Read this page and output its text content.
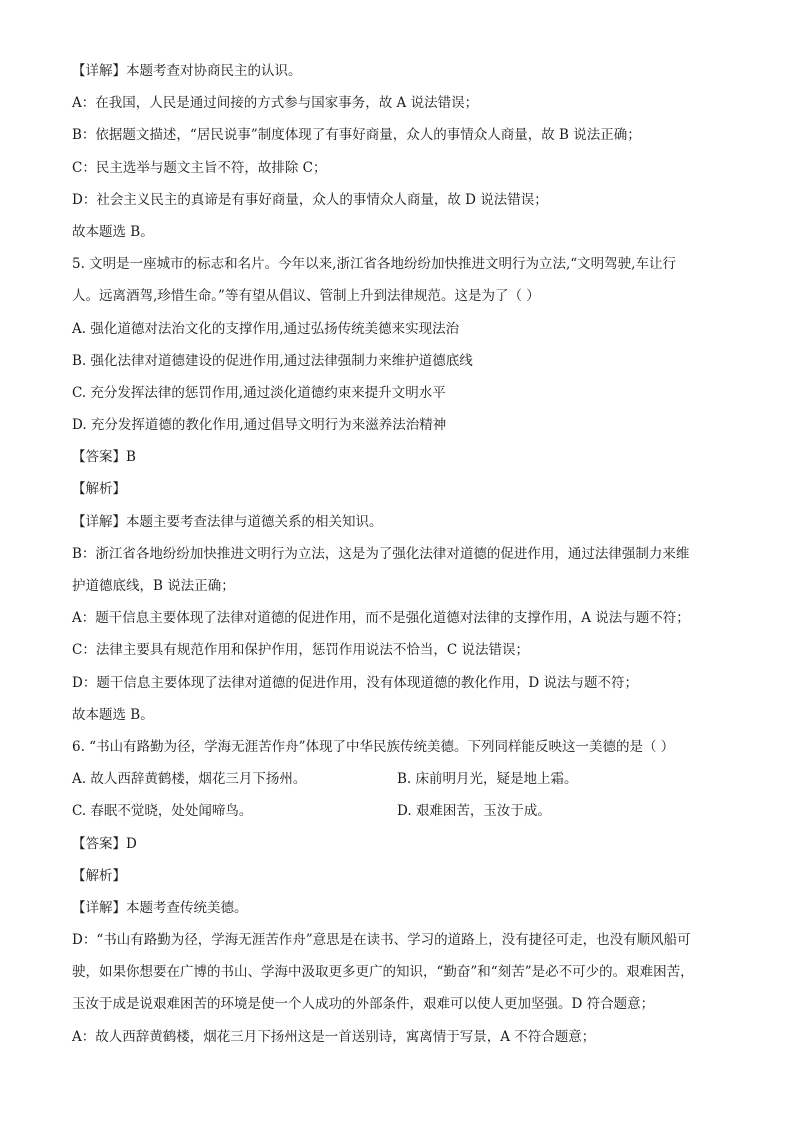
【详解】本题考查对协商民主的认识。
A：在我国，人民是通过间接的方式参与国家事务，故 A 说法错误；
B：依据题文描述，“居民说事”制度体现了有事好商量，众人的事情众人商量，故 B 说法正确；
C：民主选举与题文主旨不符，故排除 C；
D：社会主义民主的真谛是有事好商量，众人的事情众人商量，故 D 说法错误；
故本题选 B。
5. 文明是一座城市的标志和名片。今年以来,浙江省各地纷纷加快推进文明行为立法,“文明驾驶,车让行
人。远离酒驾,珍惜生命。”等有望从倡议、管制上升到法律规范。这是为了（ ）
A. 强化道德对法治文化的支撑作用,通过弘扬传统美德来实现法治
B. 强化法律对道德建设的促进作用,通过法律强制力来维护道德底线
C. 充分发挥法律的惩罚作用,通过淡化道德约束来提升文明水平
D. 充分发挥道德的教化作用,通过倡导文明行为来滋养法治精神
【答案】B
【解析】
【详解】本题主要考查法律与道德关系的相关知识。
B：浙江省各地纷纷加快推进文明行为立法，这是为了强化法律对道德的促进作用，通过法律强制力来维
护道德底线，B 说法正确；
A：题干信息主要体现了法律对道德的促进作用，而不是强化道德对法律的支撑作用，A 说法与题不符；
C：法律主要具有规范作用和保护作用，惩罚作用说法不恰当，C 说法错误；
D：题干信息主要体现了法律对道德的促进作用，没有体现道德的教化作用，D 说法与题不符；
故本题选 B。
6. “书山有路勤为径，学海无涯苦作舟”体现了中华民族传统美德。下列同样能反映这一美德的是（ ）
A. 故人西辞黄鹤楼，烟花三月下扬州。	B. 床前明月光，疑是地上霜。
C. 春眠不觉晓，处处闻啼鸟。	D. 艰难困苦，玉汝于成。
【答案】D
【解析】
【详解】本题考查传统美德。
D：“书山有路勤为径，学海无涯苦作舟”意思是在读书、学习的道路上，没有捷径可走，也没有顺风船可
驶，如果你想要在广博的书山、学海中汲取更多更广的知识，“勤奋”和“刻苦”是必不可少的。艰难困苦，
玉汝于成是说艰难困苦的环境是使一个人成功的外部条件，艰难可以使人更加坚强。D 符合题意；
A：故人西辞黄鹤楼，烟花三月下扬州这是一首送别诗，寓离情于写景，A 不符合题意；
